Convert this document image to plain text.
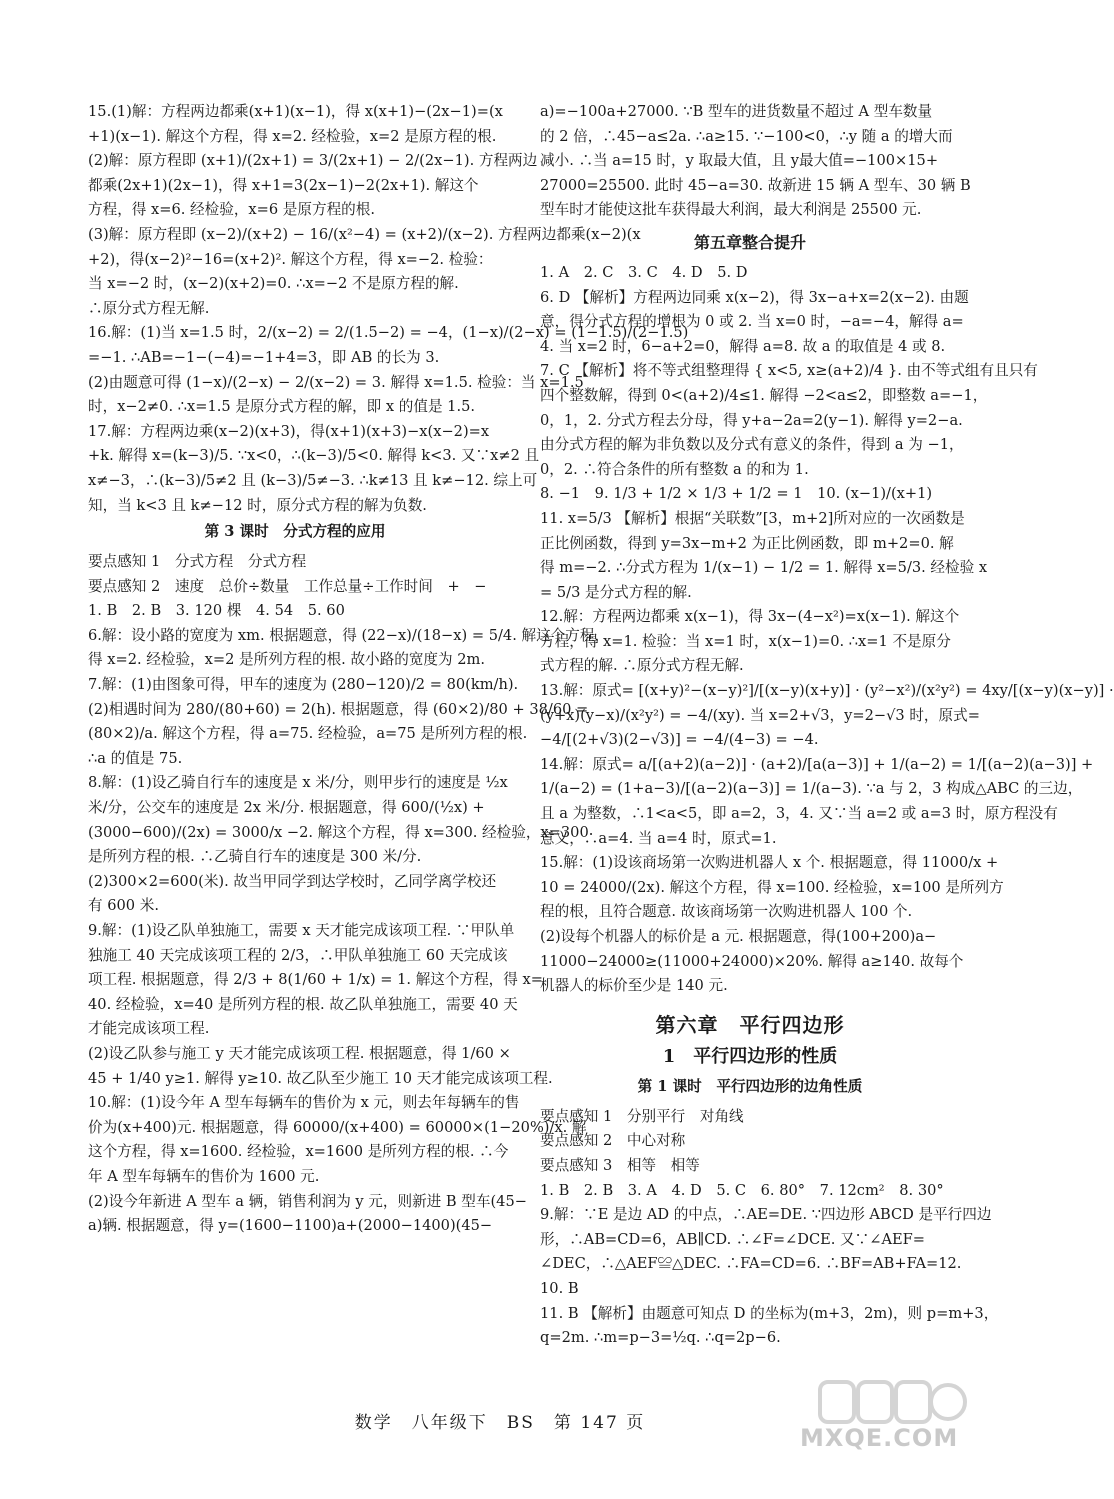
15.(1)解：方程两边都乘(x+1)(x−1)，得 x(x+1)−(2x−1)=(x

+1)(x−1). 解这个方程，得 x=2. 经检验，x=2 是原方程的根.

(2)解：原方程即 (x+1)/(2x+1) = 3/(2x+1) − 2/(2x−1). 方程两边

都乘(2x+1)(2x−1)，得 x+1=3(2x−1)−2(2x+1). 解这个

方程，得 x=6. 经检验，x=6 是原方程的根.

(3)解：原方程即 (x−2)/(x+2) − 16/(x²−4) = (x+2)/(x−2). 方程两边都乘(x−2)(x

+2)，得(x−2)²−16=(x+2)². 解这个方程，得 x=−2. 检验：

当 x=−2 时，(x−2)(x+2)=0. ∴x=−2 不是原方程的解.

∴原分式方程无解.

16.解：(1)当 x=1.5 时，2/(x−2) = 2/(1.5−2) = −4，(1−x)/(2−x) = (1−1.5)/(2−1.5)

=−1. ∴AB=−1−(−4)=−1+4=3，即 AB 的长为 3.

(2)由题意可得 (1−x)/(2−x) − 2/(x−2) = 3. 解得 x=1.5. 检验：当 x=1.5

时，x−2≠0. ∴x=1.5 是原分式方程的解，即 x 的值是 1.5.

17.解：方程两边乘(x−2)(x+3)，得(x+1)(x+3)−x(x−2)=x

+k. 解得 x=(k−3)/5. ∵x<0，∴(k−3)/5<0. 解得 k<3. 又∵x≠2 且

x≠−3，∴(k−3)/5≠2 且 (k−3)/5≠−3. ∴k≠13 且 k≠−12. 综上可

知，当 k<3 且 k≠−12 时，原分式方程的解为负数.

第 3 课时　分式方程的应用

要点感知 1　分式方程　分式方程

要点感知 2　速度　总价÷数量　工作总量÷工作时间　+　−

1. B　2. B　3. 120 棵　4. 54　5. 60

6.解：设小路的宽度为 xm. 根据题意，得 (22−x)/(18−x) = 5/4. 解这个方程，

得 x=2. 经检验，x=2 是所列方程的根. 故小路的宽度为 2m.

7.解：(1)由图象可得，甲车的速度为 (280−120)/2 = 80(km/h).

(2)相遇时间为 280/(80+60) = 2(h). 根据题意，得 (60×2)/80 + 38/60 =

(80×2)/a. 解这个方程，得 a=75. 经检验，a=75 是所列方程的根.

∴a 的值是 75.

8.解：(1)设乙骑自行车的速度是 x 米/分，则甲步行的速度是 ½x

米/分，公交车的速度是 2x 米/分. 根据题意，得 600/(½x) +

(3000−600)/(2x) = 3000/x −2. 解这个方程，得 x=300. 经检验，x=300

是所列方程的根. ∴乙骑自行车的速度是 300 米/分.

(2)300×2=600(米). 故当甲同学到达学校时，乙同学离学校还

有 600 米.

9.解：(1)设乙队单独施工，需要 x 天才能完成该项工程. ∵甲队单

独施工 40 天完成该项工程的 2/3，∴甲队单独施工 60 天完成该

项工程. 根据题意，得 2/3 + 8(1/60 + 1/x) = 1. 解这个方程，得 x=

40. 经检验，x=40 是所列方程的根. 故乙队单独施工，需要 40 天

才能完成该项工程.

(2)设乙队参与施工 y 天才能完成该项工程. 根据题意，得 1/60 ×

45 + 1/40 y≥1. 解得 y≥10. 故乙队至少施工 10 天才能完成该项工程.

10.解：(1)设今年 A 型车每辆车的售价为 x 元，则去年每辆车的售

价为(x+400)元. 根据题意，得 60000/(x+400) = 60000×(1−20%)/x. 解

这个方程，得 x=1600. 经检验，x=1600 是所列方程的根. ∴今

年 A 型车每辆车的售价为 1600 元.

(2)设今年新进 A 型车 a 辆，销售利润为 y 元，则新进 B 型车(45−

a)辆. 根据题意，得 y=(1600−1100)a+(2000−1400)(45−

a)=−100a+27000. ∵B 型车的进货数量不超过 A 型车数量

的 2 倍，∴45−a≤2a. ∴a≥15. ∵−100<0，∴y 随 a 的增大而

减小. ∴当 a=15 时，y 取最大值，且 y最大值=−100×15+

27000=25500. 此时 45−a=30. 故新进 15 辆 A 型车、30 辆 B

型车时才能使这批车获得最大利润，最大利润是 25500 元.

第五章整合提升

1. A　2. C　3. C　4. D　5. D

6. D 【解析】方程两边同乘 x(x−2)，得 3x−a+x=2(x−2). 由题

意，得分式方程的增根为 0 或 2. 当 x=0 时，−a=−4，解得 a=

4. 当 x=2 时，6−a+2=0，解得 a=8. 故 a 的取值是 4 或 8.

7. C 【解析】将不等式组整理得 { x<5, x≥(a+2)/4 }. 由不等式组有且只有

四个整数解，得到 0<(a+2)/4≤1. 解得 −2<a≤2，即整数 a=−1，

0，1，2. 分式方程去分母，得 y+a−2a=2(y−1). 解得 y=2−a.

由分式方程的解为非负数以及分式有意义的条件，得到 a 为 −1，

0，2. ∴符合条件的所有整数 a 的和为 1.

8. −1　9. 1/3 + 1/2 × 1/3 + 1/2 = 1　10. (x−1)/(x+1)

11. x=5/3 【解析】根据“关联数”[3，m+2]所对应的一次函数是

正比例函数，得到 y=3x−m+2 为正比例函数，即 m+2=0. 解

得 m=−2. ∴分式方程为 1/(x−1) − 1/2 = 1. 解得 x=5/3. 经检验 x

= 5/3 是分式方程的解.

12.解：方程两边都乘 x(x−1)，得 3x−(4−x²)=x(x−1). 解这个

方程，得 x=1. 检验：当 x=1 时，x(x−1)=0. ∴x=1 不是原分

式方程的解. ∴原分式方程无解.

13.解：原式= [(x+y)²−(x−y)²]/[(x−y)(x+y)] · (y²−x²)/(x²y²) = 4xy/[(x−y)(x−y)] ·

(y+x)(y−x)/(x²y²) = −4/(xy). 当 x=2+√3，y=2−√3 时，原式=

−4/[(2+√3)(2−√3)] = −4/(4−3) = −4.

14.解：原式= a/[(a+2)(a−2)] · (a+2)/[a(a−3)] + 1/(a−2) = 1/[(a−2)(a−3)] +

1/(a−2) = (1+a−3)/[(a−2)(a−3)] = 1/(a−3). ∵a 与 2，3 构成△ABC 的三边，

且 a 为整数，∴1<a<5，即 a=2，3，4. 又∵当 a=2 或 a=3 时，原方程没有

意义，∴a=4. 当 a=4 时，原式=1.

15.解：(1)设该商场第一次购进机器人 x 个. 根据题意，得 11000/x +

10 = 24000/(2x). 解这个方程，得 x=100. 经检验，x=100 是所列方

程的根，且符合题意. 故该商场第一次购进机器人 100 个.

(2)设每个机器人的标价是 a 元. 根据题意，得(100+200)a−

11000−24000≥(11000+24000)×20%. 解得 a≥140. 故每个

机器人的标价至少是 140 元.

第六章　平行四边形

1　平行四边形的性质

第 1 课时　平行四边形的边角性质

要点感知 1　分别平行　对角线

要点感知 2　中心对称

要点感知 3　相等　相等

1. B　2. B　3. A　4. D　5. C　6. 80°　7. 12cm²　8. 30°

9.解：∵E 是边 AD 的中点，∴AE=DE. ∵四边形 ABCD 是平行四边

形，∴AB=CD=6，AB∥CD. ∴∠F=∠DCE. 又∵∠AEF=

∠DEC，∴△AEF≌△DEC. ∴FA=CD=6. ∴BF=AB+FA=12.

10. B

11. B 【解析】由题意可知点 D 的坐标为(m+3，2m)，则 p=m+3，

q=2m. ∴m=p−3=½q. ∴q=2p−6.

数学　八年级下　BS　第 147 页
MXQE.COM
